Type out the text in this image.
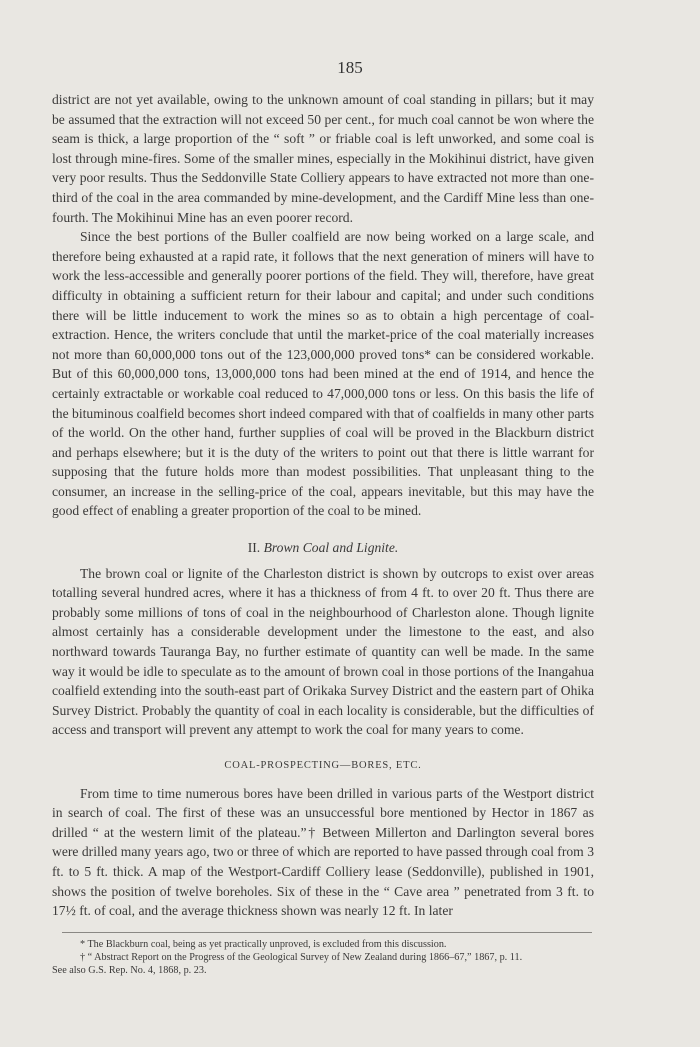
185

district are not yet available, owing to the unknown amount of coal standing in pillars; but it may be assumed that the extraction will not exceed 50 per cent., for much coal cannot be won where the seam is thick, a large proportion of the “ soft ” or friable coal is left unworked, and some coal is lost through mine-fires. Some of the smaller mines, especially in the Mokihinui district, have given very poor results. Thus the Seddonville State Colliery appears to have extracted not more than one-third of the coal in the area commanded by mine-development, and the Cardiff Mine less than one-fourth. The Mokihinui Mine has an even poorer record.

Since the best portions of the Buller coalfield are now being worked on a large scale, and therefore being exhausted at a rapid rate, it follows that the next generation of miners will have to work the less-accessible and generally poorer portions of the field. They will, therefore, have great difficulty in obtaining a sufficient return for their labour and capital; and under such conditions there will be little inducement to work the mines so as to obtain a high percentage of coal-extraction. Hence, the writers conclude that until the market-price of the coal materially increases not more than 60,000,000 tons out of the 123,000,000 proved tons* can be considered workable. But of this 60,000,000 tons, 13,000,000 tons had been mined at the end of 1914, and hence the certainly extractable or workable coal reduced to 47,000,000 tons or less. On this basis the life of the bituminous coalfield becomes short indeed compared with that of coalfields in many other parts of the world. On the other hand, further supplies of coal will be proved in the Blackburn district and perhaps elsewhere; but it is the duty of the writers to point out that there is little warrant for supposing that the future holds more than modest possibilities. That unpleasant thing to the consumer, an increase in the selling-price of the coal, appears inevitable, but this may have the good effect of enabling a greater proportion of the coal to be mined.

II. Brown Coal and Lignite.

The brown coal or lignite of the Charleston district is shown by outcrops to exist over areas totalling several hundred acres, where it has a thickness of from 4 ft. to over 20 ft. Thus there are probably some millions of tons of coal in the neighbourhood of Charleston alone. Though lignite almost certainly has a considerable development under the limestone to the east, and also northward towards Tauranga Bay, no further estimate of quantity can well be made. In the same way it would be idle to speculate as to the amount of brown coal in those portions of the Inangahua coalfield extending into the south-east part of Orikaka Survey District and the eastern part of Ohika Survey District. Probably the quantity of coal in each locality is considerable, but the difficulties of access and transport will prevent any attempt to work the coal for many years to come.

COAL-PROSPECTING—BORES, ETC.

From time to time numerous bores have been drilled in various parts of the Westport district in search of coal. The first of these was an unsuccessful bore mentioned by Hector in 1867 as drilled “ at the western limit of the plateau.”† Between Millerton and Darlington several bores were drilled many years ago, two or three of which are reported to have passed through coal from 3 ft. to 5 ft. thick. A map of the Westport-Cardiff Colliery lease (Seddonville), published in 1901, shows the position of twelve boreholes. Six of these in the “ Cave area ” penetrated from 3 ft. to 17½ ft. of coal, and the average thickness shown was nearly 12 ft. In later

* The Blackburn coal, being as yet practically unproved, is excluded from this discussion.

† “ Abstract Report on the Progress of the Geological Survey of New Zealand during 1866–67,” 1867, p. 11.

See also G.S. Rep. No. 4, 1868, p. 23.
